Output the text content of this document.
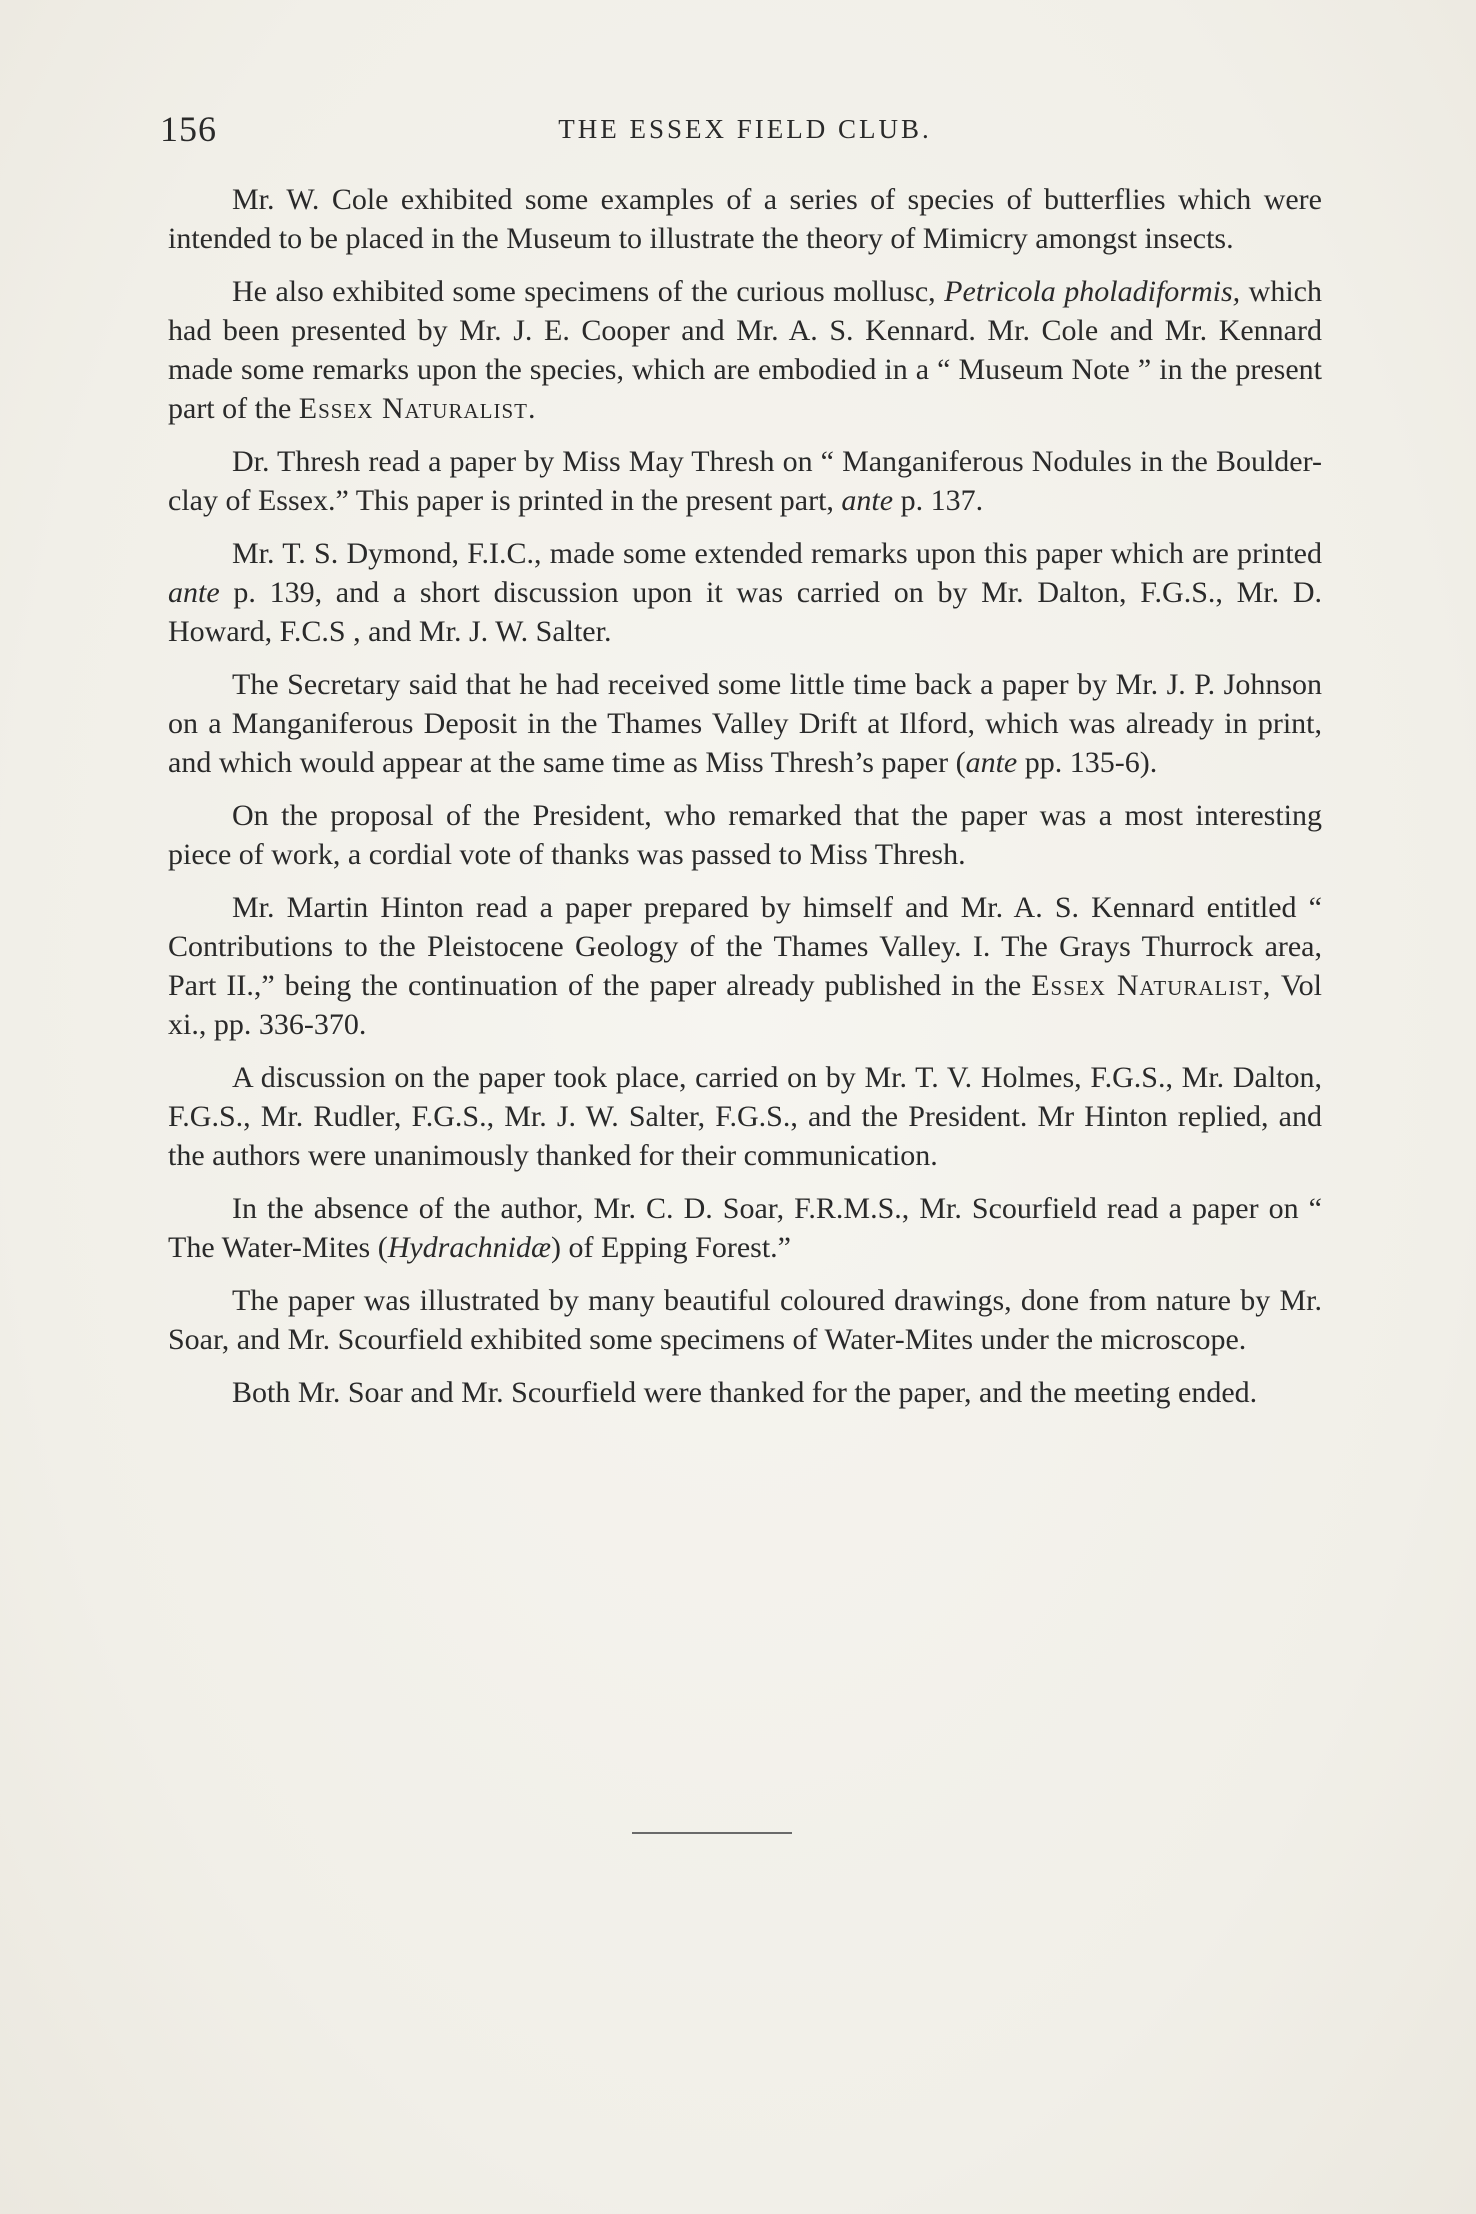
156	THE ESSEX FIELD CLUB.

Mr. W. Cole exhibited some examples of a series of species of butterflies which were intended to be placed in the Museum to illustrate the theory of Mimicry amongst insects.

He also exhibited some specimens of the curious mollusc, Petricola pholadiformis, which had been presented by Mr. J. E. Cooper and Mr. A. S. Kennard. Mr. Cole and Mr. Kennard made some remarks upon the species, which are embodied in a “ Museum Note ” in the present part of the Essex Naturalist.

Dr. Thresh read a paper by Miss May Thresh on “ Manganiferous Nodules in the Boulder-clay of Essex.” This paper is printed in the present part, ante p. 137.

Mr. T. S. Dymond, F.I.C., made some extended remarks upon this paper which are printed ante p. 139, and a short discussion upon it was carried on by Mr. Dalton, F.G.S., Mr. D. Howard, F.C.S , and Mr. J. W. Salter.

The Secretary said that he had received some little time back a paper by Mr. J. P. Johnson on a Manganiferous Deposit in the Thames Valley Drift at Ilford, which was already in print, and which would appear at the same time as Miss Thresh’s paper (ante pp. 135-6).

On the proposal of the President, who remarked that the paper was a most interesting piece of work, a cordial vote of thanks was passed to Miss Thresh.

Mr. Martin Hinton read a paper prepared by himself and Mr. A. S. Kennard entitled “ Contributions to the Pleistocene Geology of the Thames Valley. I. The Grays Thurrock area, Part II.,” being the continuation of the paper already published in the Essex Naturalist, Vol xi., pp. 336-370.

A discussion on the paper took place, carried on by Mr. T. V. Holmes, F.G.S., Mr. Dalton, F.G.S., Mr. Rudler, F.G.S., Mr. J. W. Salter, F.G.S., and the President. Mr Hinton replied, and the authors were unanimously thanked for their communication.

In the absence of the author, Mr. C. D. Soar, F.R.M.S., Mr. Scourfield read a paper on “ The Water-Mites (Hydrachnidæ) of Epping Forest.”

The paper was illustrated by many beautiful coloured drawings, done from nature by Mr. Soar, and Mr. Scourfield exhibited some specimens of Water-Mites under the microscope.

Both Mr. Soar and Mr. Scourfield were thanked for the paper, and the meeting ended.
